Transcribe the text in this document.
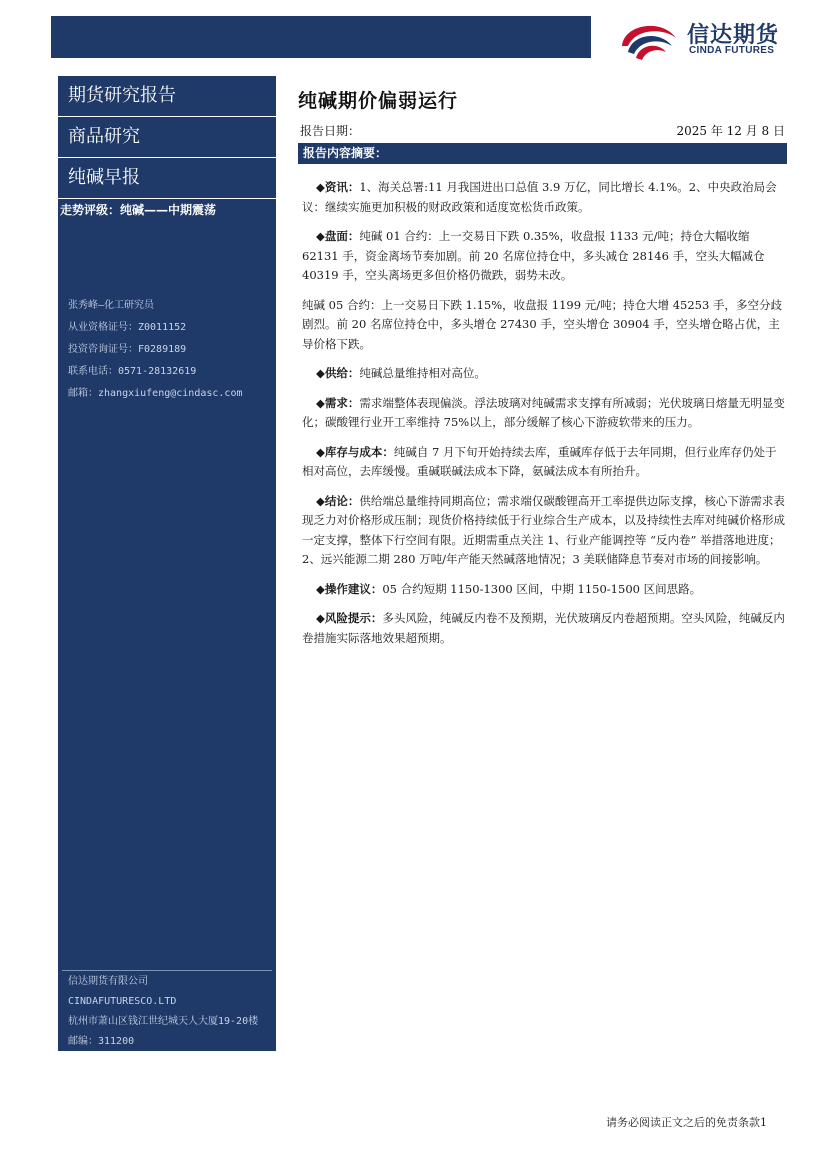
信达期货
CINDA FUTURES
期货研究报告
商品研究
纯碱早报
走势评级：纯碱——中期震荡
张秀峰—化工研究员
从业资格证号：Z0011152
投资咨询证号：F0289189
联系电话：0571-28132619
邮箱：zhangxiufeng@cindasc.com
信达期货有限公司
CINDAFUTURESCO.LTD
杭州市萧山区钱江世纪城天人大厦19-20楼
邮编：311200
纯碱期价偏弱运行
报告日期：	2025 年 12 月 8 日
报告内容摘要：

◆资讯：1、海关总署:11 月我国进出口总值 3.9 万亿，同比增长 4.1%。2、中央政治局会议：继续实施更加积极的财政政策和适度宽松货币政策。

◆盘面：纯碱 01 合约：上一交易日下跌 0.35%，收盘报 1133 元/吨；持仓大幅收缩 62131 手，资金离场节奏加剧。前 20 名席位持仓中，多头减仓 28146 手，空头大幅减仓 40319 手，空头离场更多但价格仍微跌，弱势未改。

纯碱 05 合约：上一交易日下跌 1.15%，收盘报 1199 元/吨；持仓大增 45253 手，多空分歧剧烈。前 20 名席位持仓中，多头增仓 27430 手，空头增仓 30904 手，空头增仓略占优，主导价格下跌。

◆供给：纯碱总量维持相对高位。

◆需求：需求端整体表现偏淡。浮法玻璃对纯碱需求支撑有所减弱；光伏玻璃日熔量无明显变化；碳酸锂行业开工率维持 75%以上，部分缓解了核心下游疲软带来的压力。

◆库存与成本：纯碱自 7 月下旬开始持续去库，重碱库存低于去年同期，但行业库存仍处于相对高位，去库缓慢。重碱联碱法成本下降，氨碱法成本有所抬升。

◆结论：供给端总量维持同期高位；需求端仅碳酸锂高开工率提供边际支撑，核心下游需求表现乏力对价格形成压制；现货价格持续低于行业综合生产成本，以及持续性去库对纯碱价格形成一定支撑，整体下行空间有限。近期需重点关注 1、行业产能调控等 “反内卷” 举措落地进度；2、远兴能源二期 280 万吨/年产能天然碱落地情况；3 美联储降息节奏对市场的间接影响。

◆操作建议：05 合约短期 1150-1300 区间，中期 1150-1500 区间思路。

◆风险提示：多头风险，纯碱反内卷不及预期，光伏玻璃反内卷超预期。空头风险，纯碱反内卷措施实际落地效果超预期。

请务必阅读正文之后的免责条款1
